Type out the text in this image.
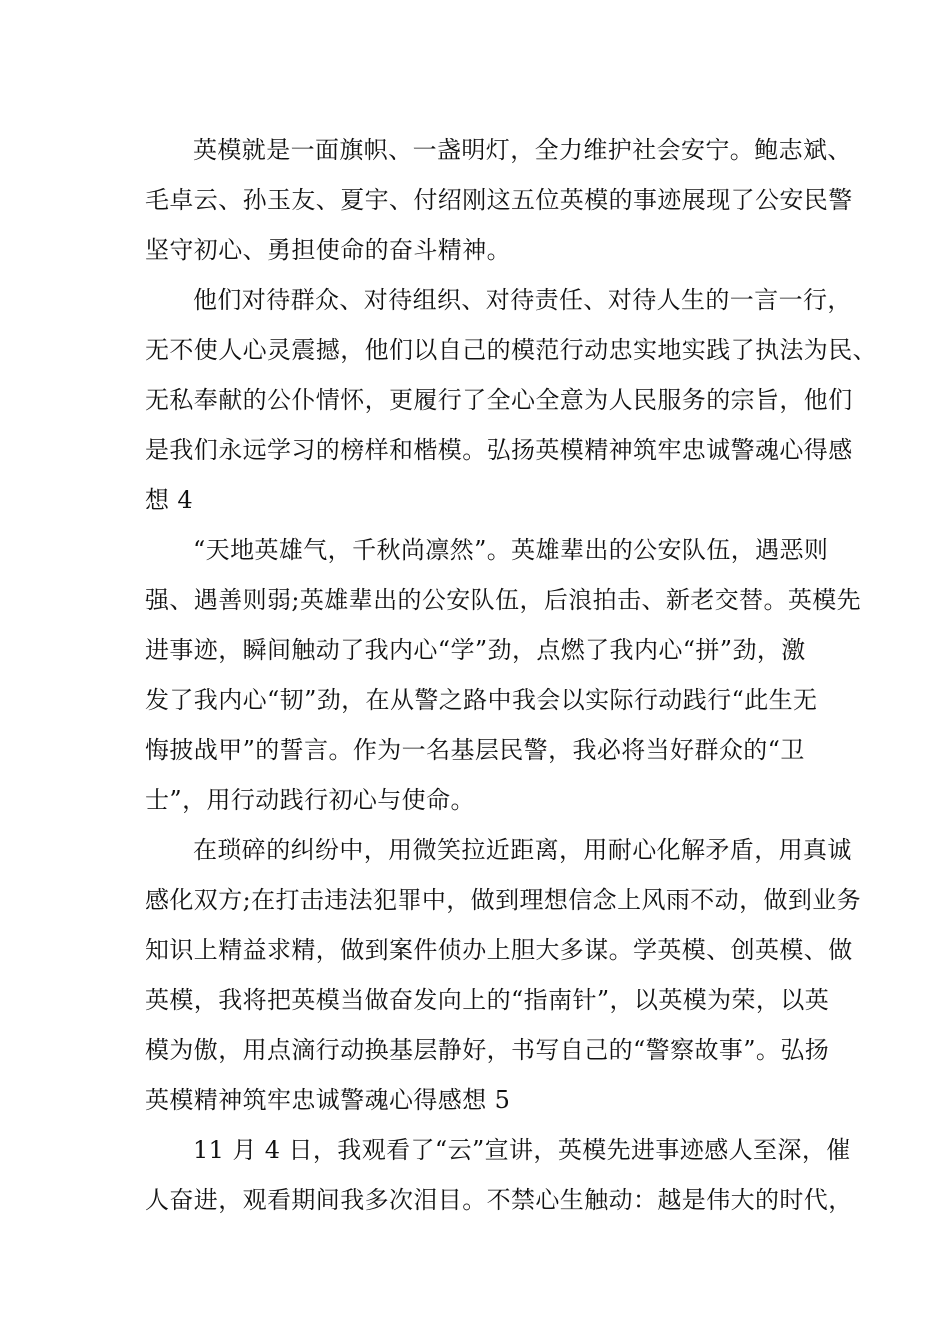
英模就是一面旗帜、一盏明灯，全力维护社会安宁。鲍志斌、
毛卓云、孙玉友、夏宇、付绍刚这五位英模的事迹展现了公安民警
坚守初心、勇担使命的奋斗精神。
他们对待群众、对待组织、对待责任、对待人生的一言一行，
无不使人心灵震撼，他们以自己的模范行动忠实地实践了执法为民、
无私奉献的公仆情怀，更履行了全心全意为人民服务的宗旨，他们
是我们永远学习的榜样和楷模。弘扬英模精神筑牢忠诚警魂心得感
想 4
“天地英雄气，千秋尚凛然”。英雄辈出的公安队伍，遇恶则
强、遇善则弱;英雄辈出的公安队伍，后浪拍击、新老交替。英模先
进事迹，瞬间触动了我内心“学”劲，点燃了我内心“拼”劲，激
发了我内心“韧”劲，在从警之路中我会以实际行动践行“此生无
悔披战甲”的誓言。作为一名基层民警，我必将当好群众的“卫
士”，用行动践行初心与使命。
在琐碎的纠纷中，用微笑拉近距离，用耐心化解矛盾，用真诚
感化双方;在打击违法犯罪中，做到理想信念上风雨不动，做到业务
知识上精益求精，做到案件侦办上胆大多谋。学英模、创英模、做
英模，我将把英模当做奋发向上的“指南针”，以英模为荣，以英
模为傲，用点滴行动换基层静好，书写自己的“警察故事”。弘扬
英模精神筑牢忠诚警魂心得感想 5
11 月 4 日，我观看了“云”宣讲，英模先进事迹感人至深，催
人奋进，观看期间我多次泪目。不禁心生触动：越是伟大的时代，
